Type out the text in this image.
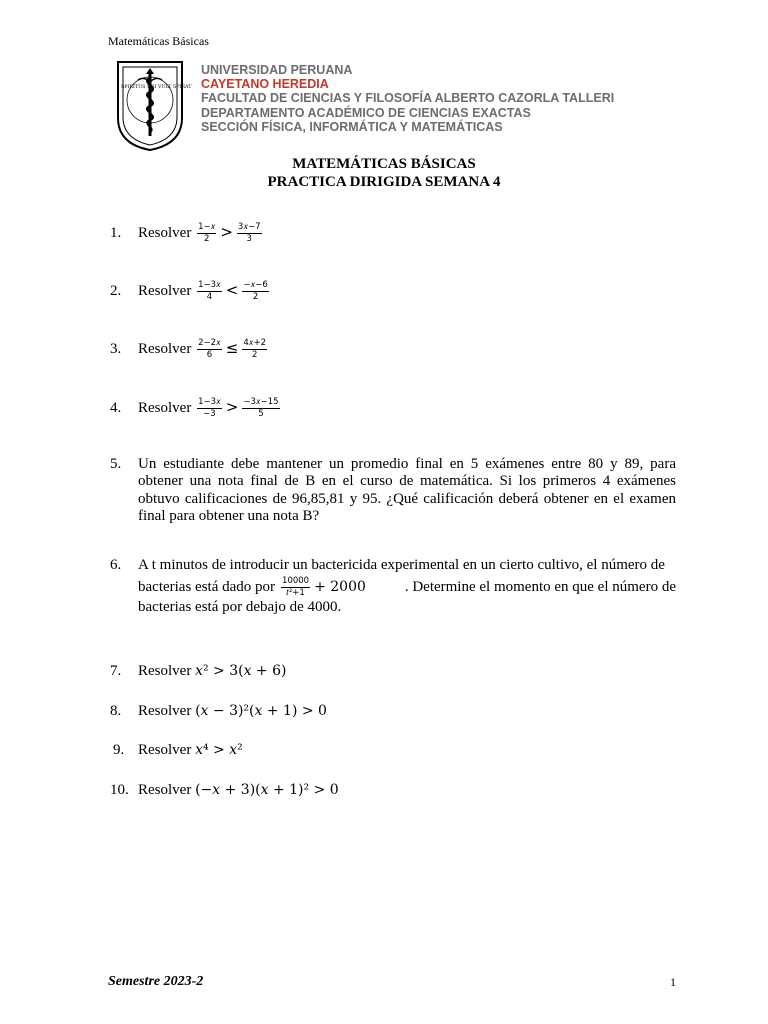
Matemáticas Básicas
SPIRITUS UBI VULT SPIRAT
UNIVERSIDAD PERUANA
CAYETANO HEREDIA
FACULTAD DE CIENCIAS Y FILOSOFÍA ALBERTO CAZORLA TALLERI
DEPARTAMENTO ACADÉMICO DE CIENCIAS EXACTAS
SECCIÓN FÍSICA, INFORMÁTICA Y MATEMÁTICAS
MATEMÁTICAS BÁSICAS
PRACTICA DIRIGIDA SEMANA 4
1.	Resolver $\frac{\text{1−𝑥}}{2} > \frac{\text{3𝑥−7}}{3}$
2.	Resolver $\frac{\text{1−3𝑥}}{4} < \frac{\text{−𝑥−6}}{2}$
3.	Resolver $\frac{\text{2−2𝑥}}{6} \le \frac{\text{4𝑥+2}}{2}$
4.	Resolver $\frac{\text{1−3𝑥}}{-3} > \frac{\text{−3𝑥−15}}{5}$
5.	Un estudiante debe mantener un promedio final en 5 exámenes entre 80 y 89, para obtener una nota final de B en el curso de matemática. Si los primeros 4 exámenes obtuvo calificaciones de 96,85,81 y 95. ¿Qué calificación deberá obtener en el examen final para obtener una nota B?
6.	A t minutos de introducir un bactericida experimental en un cierto cultivo, el número de
bacterias está dado por $\frac{10000}{\text{𝑡²+1}} + 2000$	. Determine el momento en que el número de
bacterias está por debajo de 4000.
7.	Resolver 𝑥² > 3(𝑥 + 6)
8.	Resolver (𝑥 − 3)²(𝑥 + 1) > 0
9. Resolver 𝑥⁴ > 𝑥²
10. Resolver (−𝑥 + 3)(𝑥 + 1)² > 0
Semestre 2023-2	1
